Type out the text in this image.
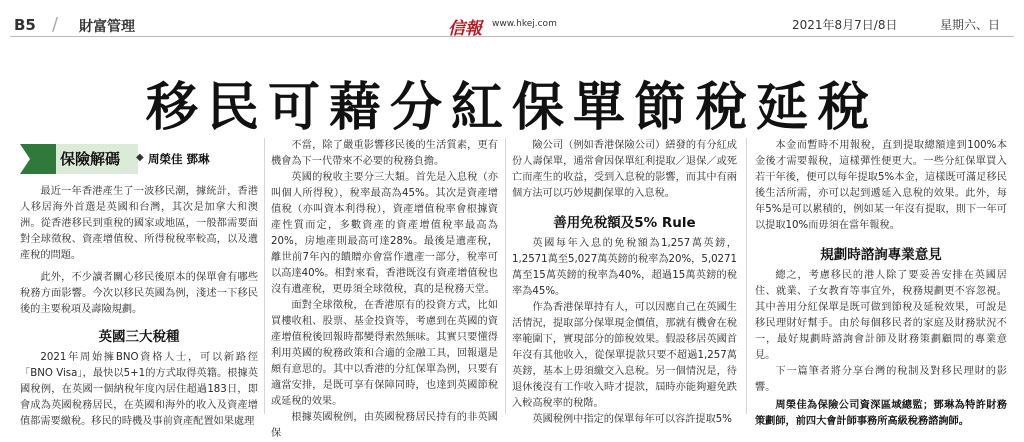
B5 / 財富管理	信報 www.hkej.com	2021年8月7日/8日	星期六、日
移民可藉分紅保單節稅延稅
保險解碼 ◆ 周榮佳 鄧琳

最近一年香港產生了一波移民潮，據統計，香港人移居海外首選是英國和台灣，其次是加拿大和澳洲。從香港移民到重稅的國家或地區，一般都需要面對全球徵稅、資產增值稅、所得稅稅率較高，以及遺產稅的問題。

此外，不少讀者關心移民後原本的保單會有哪些稅務方面影響。今次以移民英國為例，淺述一下移民後的主要稅項及壽險規劃。

英國三大稅種

2021年周始擁BNO資格人士，可以新路徑「BNO Visa」，最快以5+1的方式取得英籍。根據英國稅例，在英國一個納稅年度內居住超過183日，即會成為英國稅務居民，在英國和海外的收入及資產增值都需要繳稅。移民的時機及事前資產配置如果處理

不當，除了嚴重影響移民後的生活質素，更有機會為下一代帶來不必要的稅務負擔。

英國的稅收主要分三大類。首先是入息稅（亦叫個人所得稅），稅率最高為45%。其次是資產增值稅（亦叫資本利得稅），資產增值稅率會根據資產性質而定，多數資產的資產增值稅率最高為20%，房地產則最高可達28%。最後是遺產稅，離世前7年內的饋贈亦會當作遺產一部分，稅率可以高達40%。相對來看，香港既沒有資產增值稅也沒有遺產稅，更毋須全球徵稅，真的是稅務天堂。

面對全球徵稅，在香港原有的投資方式，比如買樓收租、股票、基金投資等，考慮到在英國的資產增值稅後回報時都變得索然無味。其實只要懂得利用英國的稅務政策和合適的金融工具，回報還是頗有意思的。其中以香港的分紅保單為例，只要有適當安排，是既可享有保障同時，也達到英國節稅或延稅的效果。

根據英國稅例，由英國稅務居民持有的非英國保

險公司（例如香港保險公司）繕發的有分紅成份人壽保單，通常會因保單紅利提取／退保／或死亡而產生的收益，受到入息稅的影響，而其中有兩個方法可以巧妙規劃保單的入息稅。

善用免稅額及5% Rule

英國每年入息的免稅額為1,257萬英鎊，1,2571萬至5,027萬英鎊的稅率為20%，5,0271萬至15萬英鎊的稅率為40%，超過15萬英鎊的稅率為45%。

作為香港保單持有人，可以因應自己在英國生活情況，提取部分保單現金價值，那就有機會在稅率範圍下，實現部分的節稅效果。假設移居英國首年沒有其他收入，從保單提款只要不超過1,257萬英鎊，基本上毋須繳交入息稅。另一個情況是，待退休後沒有工作收入時才提款，屆時亦能夠避免跌入較高稅率的稅階。

英國稅例中指定的保單每年可以容許提取5%

本金而暫時不用報稅，直到提取總額達到100%本金後才需要報稅，這樣彈性便更大。一些分紅保單買入若干年後，便可以每年提取5%本金，這樣既可滿足移民後生活所需，亦可以起到遞延入息稅的效果。此外，每年5%是可以累積的，例如某一年沒有提取，則下一年可以提取10%而毋須在當年報稅。

規劃時諮詢專業意見

總之，考慮移民的港人除了要妥善安排在英國居住、就業、子女教育等事宜外，稅務規劃更不容忽視。其中善用分紅保單是既可做到節稅及延稅效果，可說是移民理財好幫手。由於每個移民者的家庭及財務狀況不一，最好規劃時諮詢會計師及財務策劃顧問的專業意見。

下一篇筆者將分享台灣的稅制及對移民理財的影響。

周榮佳為保險公司資深區域總監；鄧琳為特許財務策劃師，前四大會計師事務所高級稅務諮詢師。
